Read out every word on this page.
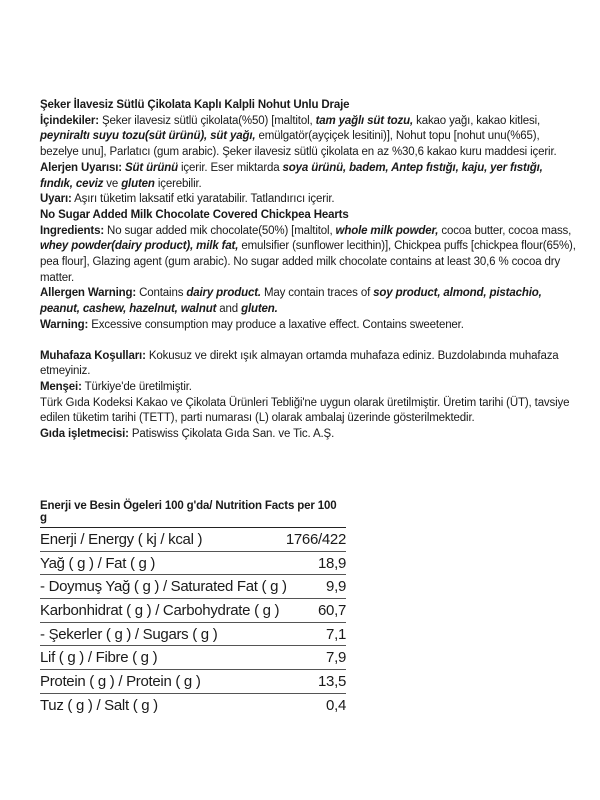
Şeker İlavesiz Sütlü Çikolata Kaplı Kalpli Nohut Unlu Draje

İçindekiler: Şeker ilavesiz sütlü çikolata(%50) [maltitol, tam yağlı süt tozu, kakao yağı, kakao kitlesi, peyniraltı suyu tozu(süt ürünü), süt yağı, emülgatör(ayçiçek lesitini)], Nohut topu [nohut unu(%65), bezelye unu], Parlatıcı (gum arabic). Şeker ilavesiz sütlü çikolata en az %30,6 kakao kuru maddesi içerir.

Alerjen Uyarısı: Süt ürünü içerir. Eser miktarda soya ürünü, badem, Antep fıstığı, kaju, yer fıstığı, fındık, ceviz ve gluten içerebilir.

Uyarı: Aşırı tüketim laksatif etki yaratabilir. Tatlandırıcı içerir.

No Sugar Added Milk Chocolate Covered Chickpea Hearts

Ingredients: No sugar added mik chocolate(50%) [maltitol, whole milk powder, cocoa butter, cocoa mass, whey powder(dairy product), milk fat, emulsifier (sunflower lecithin)], Chickpea puffs [chickpea flour(65%), pea flour], Glazing agent (gum arabic). No sugar added milk chocolate contains at least 30,6 % cocoa dry matter.

Allergen Warning: Contains dairy product. May contain traces of soy product, almond, pistachio, peanut, cashew, hazelnut, walnut and gluten.

Warning: Excessive consumption may produce a laxative effect. Contains sweetener.

Muhafaza Koşulları: Kokusuz ve direkt ışık almayan ortamda muhafaza ediniz. Buzdolabında muhafaza etmeyiniz.

Menşei: Türkiye'de üretilmiştir.

Türk Gıda Kodeksi Kakao ve Çikolata Ürünleri Tebliği'ne uygun olarak üretilmiştir. Üretim tarihi (ÜT), tavsiye edilen tüketim tarihi (TETT), parti numarası (L) olarak ambalaj üzerinde gösterilmektedir.

Gıda işletmecisi: Patiswiss Çikolata Gıda San. ve Tic. A.Ş.

Enerji ve Besin Ögeleri 100 g'da/ Nutrition Facts per 100 g
Enerji / Energy ( kj / kcal )	1766/422
Yağ ( g ) / Fat ( g )	18,9
- Doymuş Yağ ( g ) / Saturated Fat ( g )	9,9
Karbonhidrat ( g ) / Carbohydrate ( g )	60,7
- Şekerler ( g ) / Sugars ( g )	7,1
Lif ( g ) / Fibre ( g )	7,9
Protein ( g ) / Protein ( g )	13,5
Tuz ( g ) / Salt ( g )	0,4
